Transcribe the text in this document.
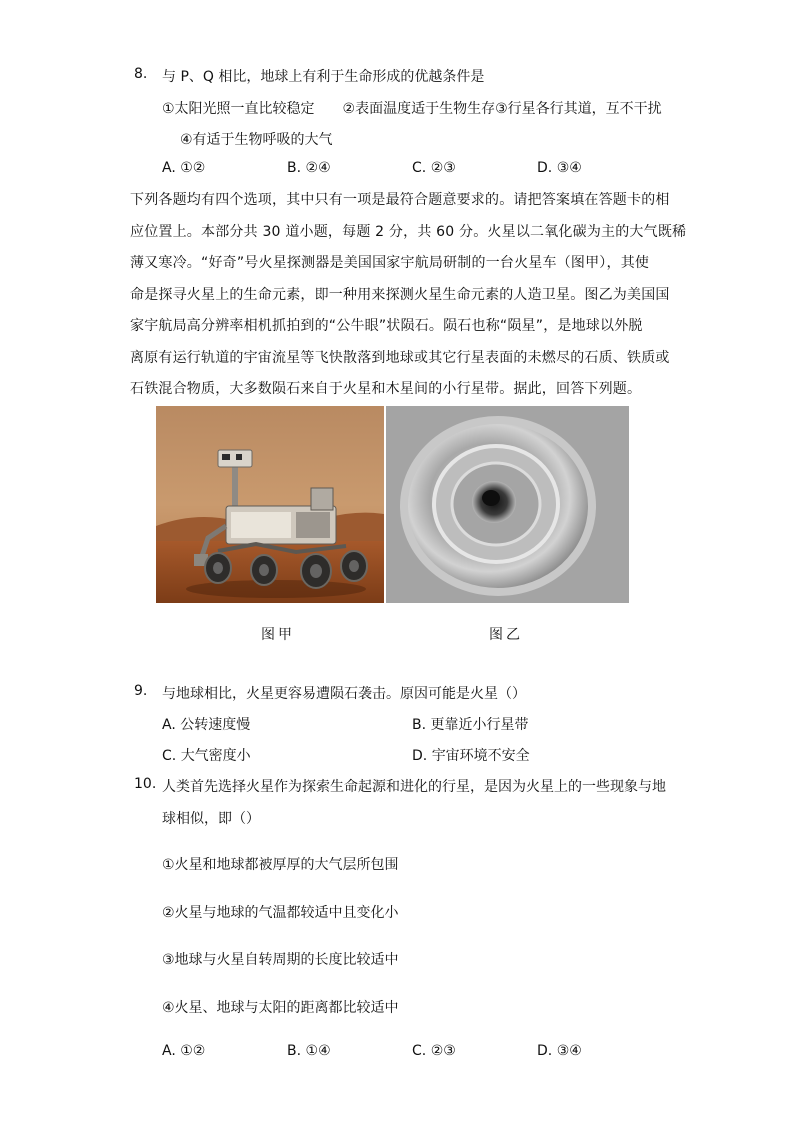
8. 与 P、Q 相比，地球上有利于生命形成的优越条件是
①太阳光照一直比较稳定　　②表面温度适于生物生存③行星各行其道，互不干扰
④有适于生物呼吸的大气
A. ①②	B. ②④	C. ②③	D. ③④
下列各题均有四个选项，其中只有一项是最符合题意要求的。请把答案填在答题卡的相
应位置上。本部分共 30 道小题，每题 2 分，共 60 分。火星以二氧化碳为主的大气既稀
薄又寒冷。“好奇”号火星探测器是美国国家宇航局研制的一台火星车（图甲），其使
命是探寻火星上的生命元素，即一种用来探测火星生命元素的人造卫星。图乙为美国国
家宇航局高分辨率相机抓拍到的“公牛眼”状陨石。陨石也称“陨星”，是地球以外脱
离原有运行轨道的宇宙流星等飞快散落到地球或其它行星表面的未燃尽的石质、铁质或
石铁混合物质，大多数陨石来自于火星和木星间的小行星带。据此，回答下列题。
图甲	图乙
9. 与地球相比，火星更容易遭陨石袭击。原因可能是火星（）
A. 公转速度慢	B. 更靠近小行星带
C. 大气密度小	D. 宇宙环境不安全
10. 人类首先选择火星作为探索生命起源和进化的行星，是因为火星上的一些现象与地
球相似，即（）
①火星和地球都被厚厚的大气层所包围
②火星与地球的气温都较适中且变化小
③地球与火星自转周期的长度比较适中
④火星、地球与太阳的距离都比较适中
A. ①②	B. ①④	C. ②③	D. ③④
